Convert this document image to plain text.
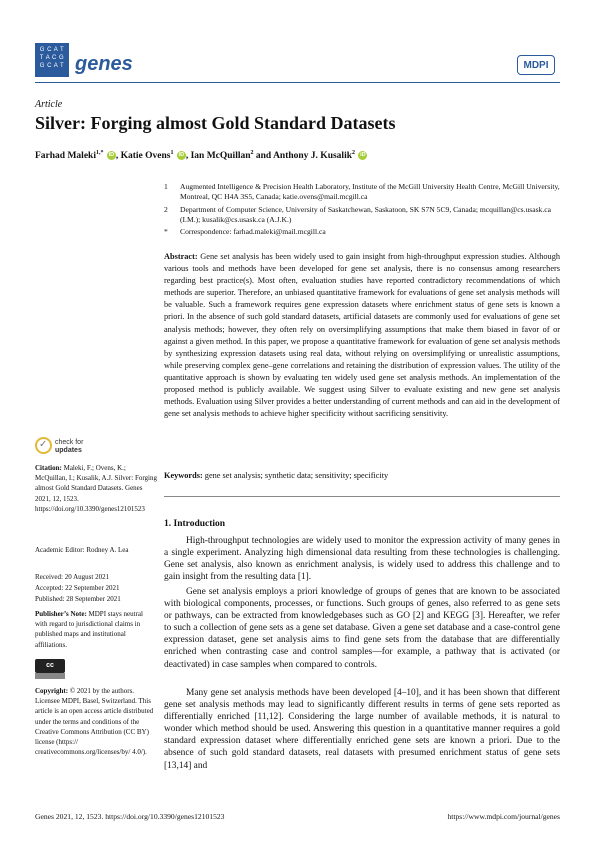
G C A T
T A C G
G C A T genes	MDPI
Article
Silver: Forging almost Gold Standard Datasets
Farhad Maleki$^{1,*}$ iD , Katie Ovens$^1$ iD , Ian McQuillan$^2$ and Anthony J. Kusalik$^2$ iD
1	Augmented Intelligence & Precision Health Laboratory, Institute of the McGill University Health Centre, McGill University, Montreal, QC H4A 3S5, Canada; katie.ovens@mail.mcgill.ca
2	Department of Computer Science, University of Saskatchewan, Saskatoon, SK S7N 5C9, Canada; mcquillan@cs.usask.ca (I.M.); kusalik@cs.usask.ca (A.J.K.)
*	Correspondence: farhad.maleki@mail.mcgill.ca
Abstract: Gene set analysis has been widely used to gain insight from high-throughput expression studies. Although various tools and methods have been developed for gene set analysis, there is no consensus among researchers regarding best practice(s). Most often, evaluation studies have reported contradictory recommendations of which methods are superior. Therefore, an unbiased quantitative framework for evaluations of gene set analysis methods will be valuable. Such a framework requires gene expression datasets where enrichment status of gene sets is known a priori. In the absence of such gold standard datasets, artificial datasets are commonly used for evaluations of gene set analysis methods; however, they often rely on oversimplifying assumptions that make them biased in favor of or against a given method. In this paper, we propose a quantitative framework for evaluation of gene set analysis methods by synthesizing expression datasets using real data, without relying on oversimplifying or unrealistic assumptions, while preserving complex gene–gene correlations and retaining the distribution of expression values. The utility of the quantitative approach is shown by evaluating ten widely used gene set analysis methods. An implementation of the proposed method is publicly available. We suggest using Silver to evaluate existing and new gene set analysis methods. Evaluation using Silver provides a better understanding of current methods and can aid in the development of gene set analysis methods to achieve higher specificity without sacrificing sensitivity.
Keywords: gene set analysis; synthetic data; sensitivity; specificity
✓
check for
updates
Citation: Maleki, F.; Ovens, K.; McQuillan, I.; Kusalik, A.J. Silver: Forging almost Gold Standard Datasets. Genes 2021, 12, 1523. https://doi.org/10.3390/genes12101523
Academic Editor: Rodney A. Lea
Received: 20 August 2021
Accepted: 22 September 2021
Published: 28 September 2021
Publisher’s Note: MDPI stays neutral with regard to jurisdictional claims in published maps and institutional affiliations.
cc
Copyright: © 2021 by the authors. Licensee MDPI, Basel, Switzerland. This article is an open access article distributed under the terms and conditions of the Creative Commons Attribution (CC BY) license (https:// creativecommons.org/licenses/by/ 4.0/).
1. Introduction

High-throughput technologies are widely used to monitor the expression activity of many genes in a single experiment. Analyzing high dimensional data resulting from these technologies is challenging. Gene set analysis, also known as enrichment analysis, is widely used to address this challenge and to gain insight from the resulting data [1].

Gene set analysis employs a priori knowledge of groups of genes that are known to be associated with biological components, processes, or functions. Such groups of genes, also referred to as gene sets or pathways, can be extracted from knowledgebases such as GO [2] and KEGG [3]. Hereafter, we refer to such a collection of gene sets as a gene set database. Given a gene set database and a case-control gene expression dataset, gene set analysis aims to find gene sets from the database that are differentially enriched when contrasting case and control samples—for example, a pathway that is activated (or deactivated) in case samples when compared to controls.

Many gene set analysis methods have been developed [4–10], and it has been shown that different gene set analysis methods may lead to significantly different results in terms of gene sets reported as differentially enriched [11,12]. Considering the large number of available methods, it is natural to wonder which method should be used. Answering this question in a quantitative manner requires a gold standard expression dataset where differentially enriched gene sets are known a priori. Due to the absence of such gold standard datasets, real datasets with presumed enrichment status of gene sets [13,14] and

Genes 2021, 12, 1523. https://doi.org/10.3390/genes12101523	https://www.mdpi.com/journal/genes
